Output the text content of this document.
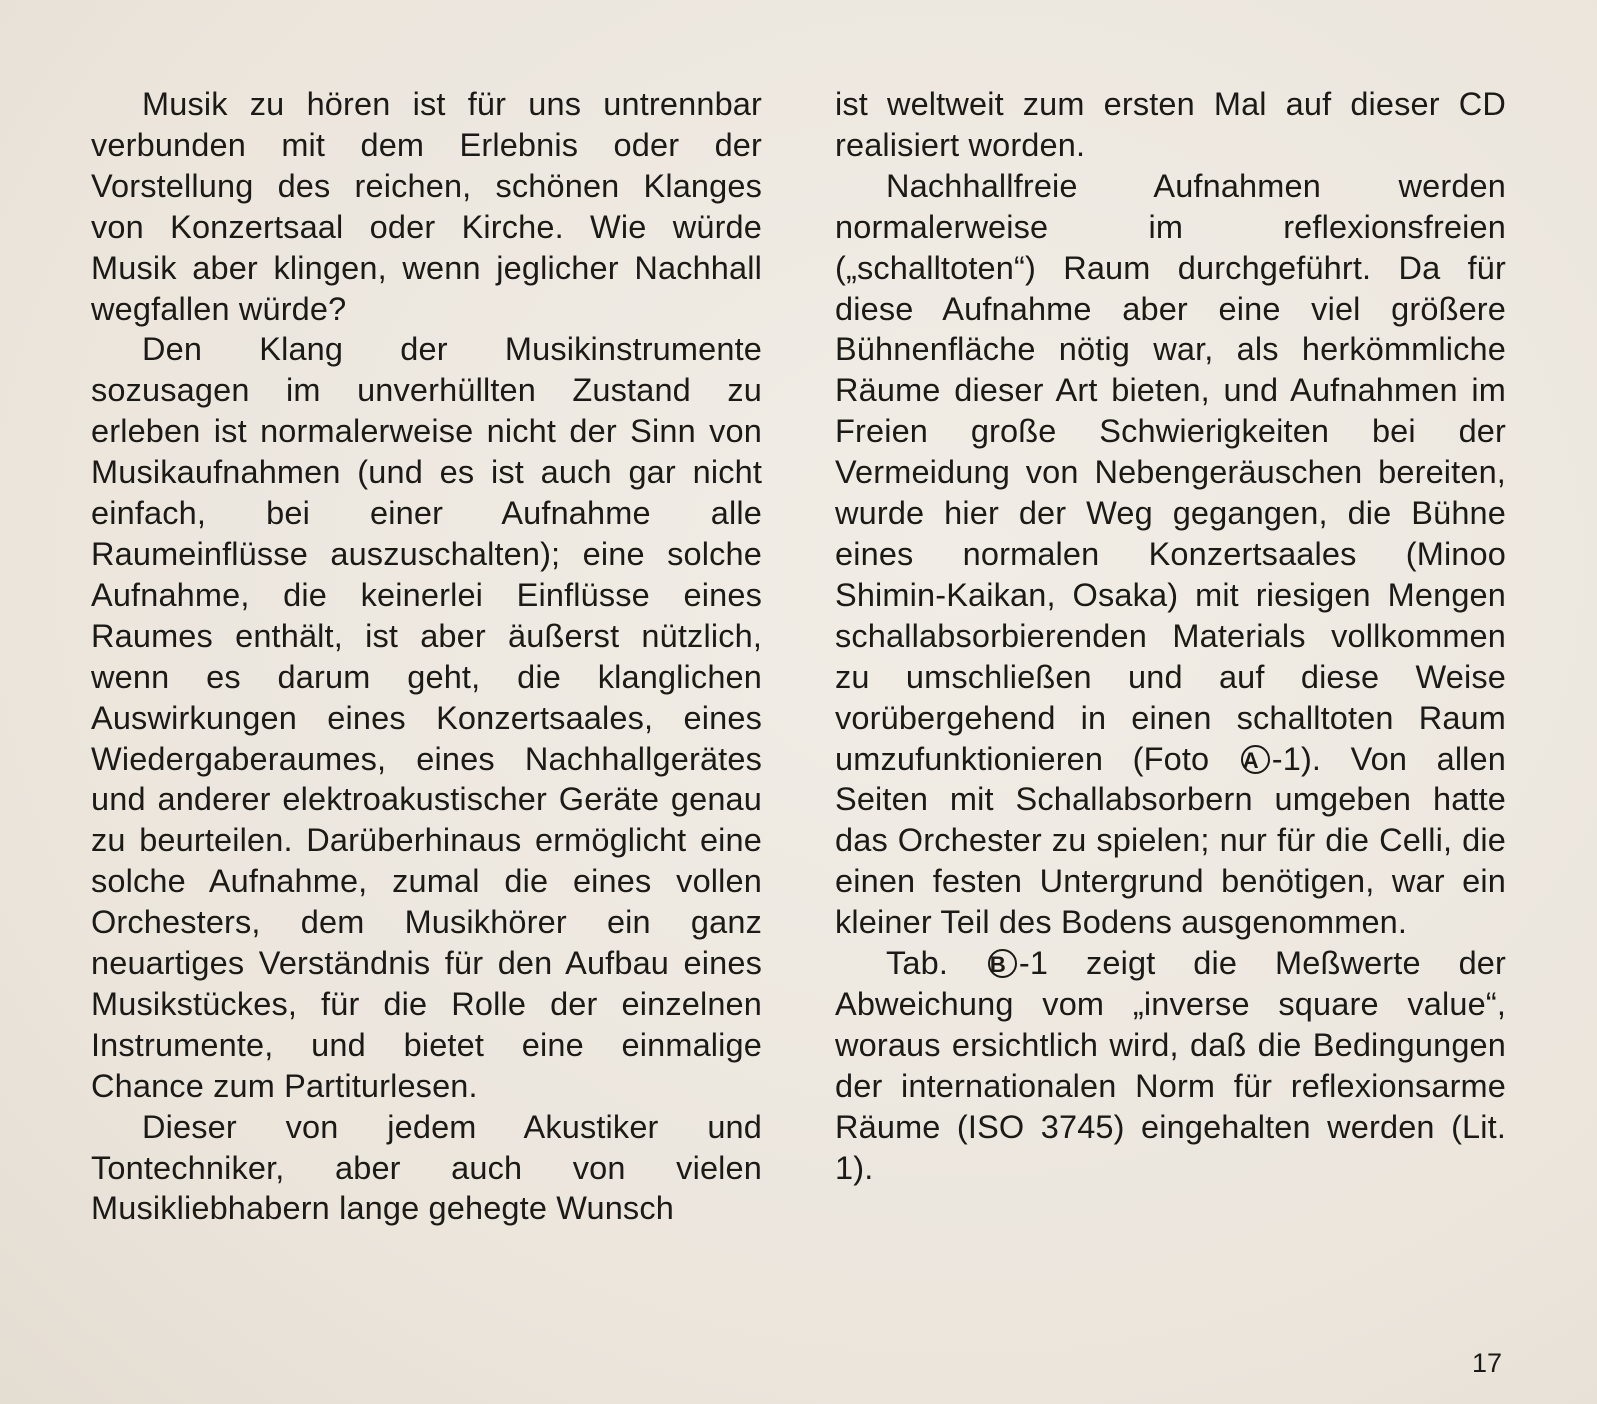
Musik zu hören ist für uns untrennbar verbunden mit dem Erlebnis oder der Vorstellung des reichen, schönen Klanges von Konzertsaal oder Kirche. Wie würde Musik aber klingen, wenn jeglicher Nachhall wegfallen würde?

Den Klang der Musikinstrumente sozusagen im unverhüllten Zustand zu erleben ist normalerweise nicht der Sinn von Musikaufnahmen (und es ist auch gar nicht einfach, bei einer Aufnahme alle Raumeinflüsse auszuschalten); eine solche Aufnahme, die keinerlei Einflüsse eines Raumes enthält, ist aber äußerst nützlich, wenn es darum geht, die klanglichen Auswirkungen eines Konzertsaales, eines Wiedergaberaumes, eines Nachhallgerätes und anderer elektroakustischer Geräte genau zu beurteilen. Darüberhinaus ermöglicht eine solche Aufnahme, zumal die eines vollen Orchesters, dem Musikhörer ein ganz neuartiges Verständnis für den Aufbau eines Musikstückes, für die Rolle der einzelnen Instrumente, und bietet eine einmalige Chance zum Partiturlesen.

Dieser von jedem Akustiker und Tontechniker, aber auch von vielen Musikliebhabern lange gehegte Wunsch

ist weltweit zum ersten Mal auf dieser CD realisiert worden.

Nachhallfreie Aufnahmen werden normalerweise im reflexionsfreien („schalltoten“) Raum durchgeführt. Da für diese Aufnahme aber eine viel größere Bühnenfläche nötig war, als herkömmliche Räume dieser Art bieten, und Aufnahmen im Freien große Schwierigkeiten bei der Vermeidung von Nebengeräuschen bereiten, wurde hier der Weg gegangen, die Bühne eines normalen Konzertsaales (Minoo Shimin-Kaikan, Osaka) mit riesigen Mengen schallabsorbierenden Materials vollkommen zu umschließen und auf diese Weise vorübergehend in einen schalltoten Raum umzufunktionieren (Foto A -1). Von allen Seiten mit Schallabsorbern umgeben hatte das Orchester zu spielen; nur für die Celli, die einen festen Untergrund benötigen, war ein kleiner Teil des Bodens ausgenommen.

Tab. B -1 zeigt die Meßwerte der Abweichung vom „inverse square value“, woraus ersichtlich wird, daß die Bedingungen der internationalen Norm für reflexionsarme Räume (ISO 3745) eingehalten werden (Lit. 1).

17
